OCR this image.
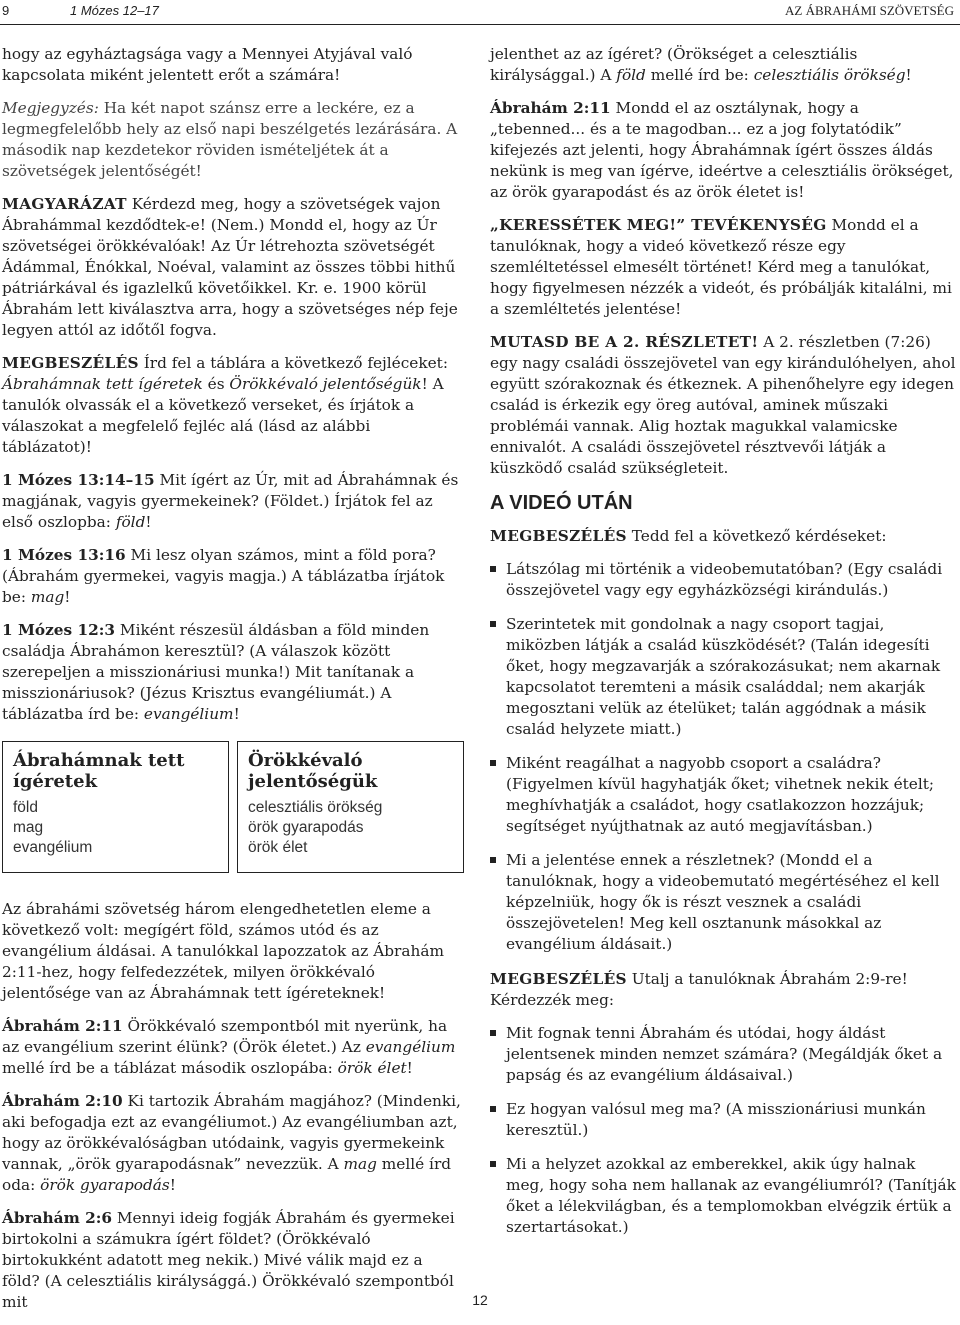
9	1 Mózes 12–17	AZ ÁBRAHÁMI SZÖVETSÉG

hogy az egyháztagsága vagy a Mennyei Atyjával való kapcsolata miként jelentett erőt a számára!

Megjegyzés: Ha két napot szánsz erre a leckére, ez a legmegfelelőbb hely az első napi beszélgetés lezárására. A második nap kezdetekor röviden ismételjétek át a szövetségek jelentőségét!

MAGYARÁZAT Kérdezd meg, hogy a szövetségek vajon Ábrahámmal kezdődtek-e! (Nem.) Mondd el, hogy az Úr szövetségei örökkévalóak! Az Úr létrehozta szövetségét Ádámmal, Énókkal, Noéval, valamint az összes többi hithű pátriárkával és igazlelkű követőikkel. Kr. e. 1900 körül Ábrahám lett kiválasztva arra, hogy a szövetséges nép feje legyen attól az időtől fogva.

MEGBESZÉLÉS Írd fel a táblára a következő fejléceket: Ábrahámnak tett ígéretek és Örökkévaló jelentőségük! A tanulók olvassák el a következő verseket, és írjátok a válaszokat a megfelelő fejléc alá (lásd az alábbi táblázatot)!

1 Mózes 13:14–15 Mit ígért az Úr, mit ad Ábrahámnak és magjának, vagyis gyermekeinek? (Földet.) Írjátok fel az első oszlopba: föld!

1 Mózes 13:16 Mi lesz olyan számos, mint a föld pora? (Ábrahám gyermekei, vagyis magja.) A táblázatba írjátok be: mag!

1 Mózes 12:3 Miként részesül áldásban a föld minden családja Ábrahámon keresztül? (A válaszok között szerepeljen a misszionáriusi munka!) Mit tanítanak a misszionáriusok? (Jézus Krisztus evangéliumát.) A táblázatba írd be: evangélium!

Ábrahámnak tett ígéretek
föld
mag
evangélium
Örökkévaló jelentőségük
celesztiális örökség
örök gyarapodás
örök élet

Az ábrahámi szövetség három elengedhetetlen eleme a következő volt: megígért föld, számos utód és az evangélium áldásai. A tanulókkal lapozzatok az Ábrahám 2:11-hez, hogy felfedezzétek, milyen örökkévaló jelentősége van az Ábrahámnak tett ígéreteknek!

Ábrahám 2:11 Örökkévaló szempontból mit nyerünk, ha az evangélium szerint élünk? (Örök életet.) Az evangélium mellé írd be a táblázat második oszlopába: örök élet!

Ábrahám 2:10 Ki tartozik Ábrahám magjához? (Mindenki, aki befogadja ezt az evangéliumot.) Az evangéliumban azt, hogy az örökkévalóságban utódaink, vagyis gyermekeink vannak, „örök gyarapodásnak” nevezzük. A mag mellé írd oda: örök gyarapodás!

Ábrahám 2:6 Mennyi ideig fogják Ábrahám és gyermekei birtokolni a számukra ígért földet? (Örökkévaló birtokukként adatott meg nekik.) Mivé válik majd ez a föld? (A celesztiális királysággá.) Örökkévaló szempontból mit

jelenthet az az ígéret? (Örökséget a celesztiális királysággal.) A föld mellé írd be: celesztiális örökség!

Ábrahám 2:11 Mondd el az osztálynak, hogy a „tebenned... és a te magodban... ez a jog folytatódik” kifejezés azt jelenti, hogy Ábrahámnak ígért összes áldás nekünk is meg van ígérve, ideértve a celesztiális örökséget, az örök gyarapodást és az örök életet is!

„KERESSÉTEK MEG!” TEVÉKENYSÉG Mondd el a tanulóknak, hogy a videó következő része egy szemléltetéssel elmesélt történet! Kérd meg a tanulókat, hogy figyelmesen nézzék a videót, és próbálják kitalálni, mi a szemléltetés jelentése!

MUTASD BE A 2. RÉSZLETET! A 2. részletben (7:26) egy nagy családi összejövetel van egy kirándulóhelyen, ahol együtt szórakoznak és étkeznek. A pihenőhelyre egy idegen család is érkezik egy öreg autóval, aminek műszaki problémái vannak. Alig hoztak magukkal valamicske ennivalót. A családi összejövetel résztvevői látják a küszködő család szükségleteit.

A VIDEÓ UTÁN

MEGBESZÉLÉS Tedd fel a következő kérdéseket:

Látszólag mi történik a videobemutatóban? (Egy családi összejövetel vagy egy egyházközségi kirándulás.)
Szerintetek mit gondolnak a nagy csoport tagjai, miközben látják a család küszködését? (Talán idegesíti őket, hogy megzavarják a szórakozásukat; nem akarnak kapcsolatot teremteni a másik családdal; nem akarják megosztani velük az ételüket; talán aggódnak a másik család helyzete miatt.)
Miként reagálhat a nagyobb csoport a családra? (Figyelmen kívül hagyhatják őket; vihetnek nekik ételt; meghívhatják a családot, hogy csatlakozzon hozzájuk; segítséget nyújthatnak az autó megjavításban.)
Mi a jelentése ennek a részletnek? (Mondd el a tanulóknak, hogy a videobemutató megértéséhez el kell képzelniük, hogy ők is részt vesznek a családi összejövetelen! Meg kell osztanunk másokkal az evangélium áldásait.)

MEGBESZÉLÉS Utalj a tanulóknak Ábrahám 2:9-re! Kérdezzék meg:

Mit fognak tenni Ábrahám és utódai, hogy áldást jelentsenek minden nemzet számára? (Megáldják őket a papság és az evangélium áldásaival.)
Ez hogyan valósul meg ma? (A misszionáriusi munkán keresztül.)
Mi a helyzet azokkal az emberekkel, akik úgy halnak meg, hogy soha nem hallanak az evangéliumról? (Tanítják őket a lélekvilágban, és a templomokban elvégzik értük a szertartásokat.)
12
